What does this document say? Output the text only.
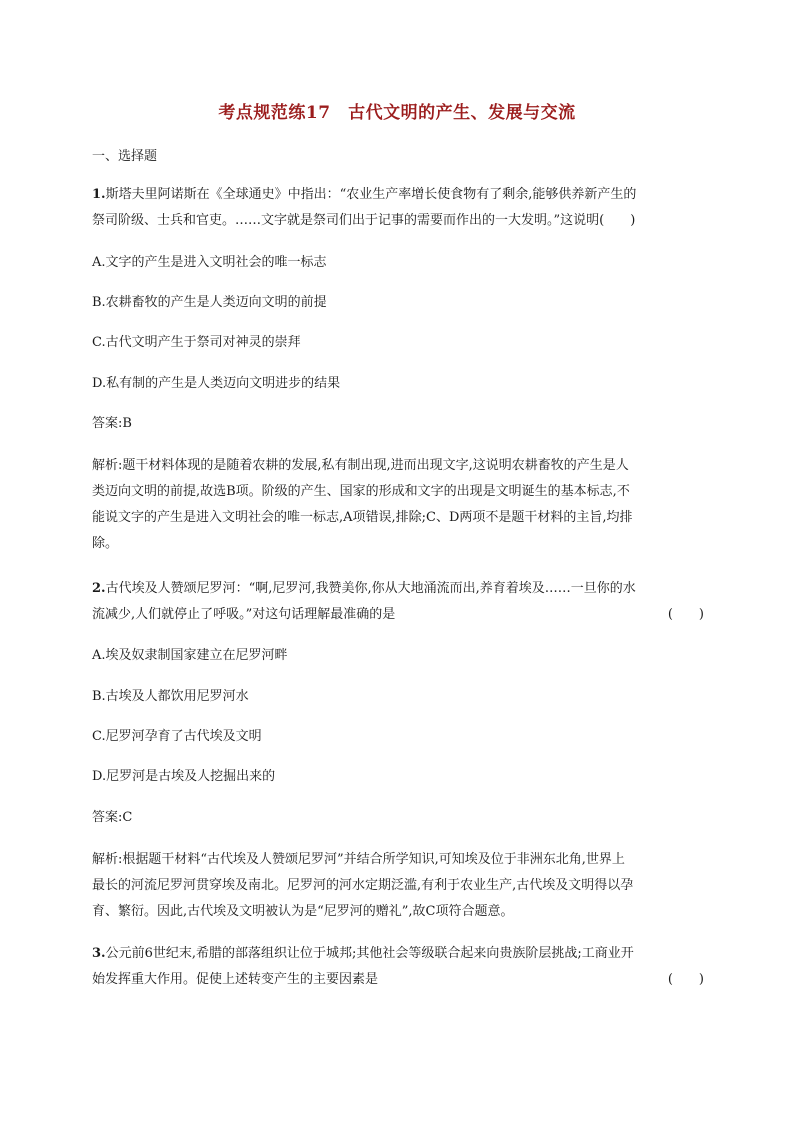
考点规范练17　古代文明的产生、发展与交流
一、选择题
1.斯塔夫里阿诺斯在《全球通史》中指出：“农业生产率增长使食物有了剩余,能够供养新产生的
祭司阶级、士兵和官吏。……文字就是祭司们出于记事的需要而作出的一大发明。”这说明(　　)
A.文字的产生是进入文明社会的唯一标志
B.农耕畜牧的产生是人类迈向文明的前提
C.古代文明产生于祭司对神灵的崇拜
D.私有制的产生是人类迈向文明进步的结果
答案:B
解析:题干材料体现的是随着农耕的发展,私有制出现,进而出现文字,这说明农耕畜牧的产生是人
类迈向文明的前提,故选B项。阶级的产生、国家的形成和文字的出现是文明诞生的基本标志,不
能说文字的产生是进入文明社会的唯一标志,A项错误,排除;C、D两项不是题干材料的主旨,均排
除。
2.古代埃及人赞颂尼罗河：“啊,尼罗河,我赞美你,你从大地涌流而出,养育着埃及……一旦你的水
流减少,人们就停止了呼吸。”对这句话理解最准确的是	(　　)
A.埃及奴隶制国家建立在尼罗河畔
B.古埃及人都饮用尼罗河水
C.尼罗河孕育了古代埃及文明
D.尼罗河是古埃及人挖掘出来的
答案:C
解析:根据题干材料“古代埃及人赞颂尼罗河”并结合所学知识,可知埃及位于非洲东北角,世界上
最长的河流尼罗河贯穿埃及南北。尼罗河的河水定期泛滥,有利于农业生产,古代埃及文明得以孕
育、繁衍。因此,古代埃及文明被认为是“尼罗河的赠礼”,故C项符合题意。
3.公元前6世纪末,希腊的部落组织让位于城邦;其他社会等级联合起来向贵族阶层挑战;工商业开
始发挥重大作用。促使上述转变产生的主要因素是	(　　)
